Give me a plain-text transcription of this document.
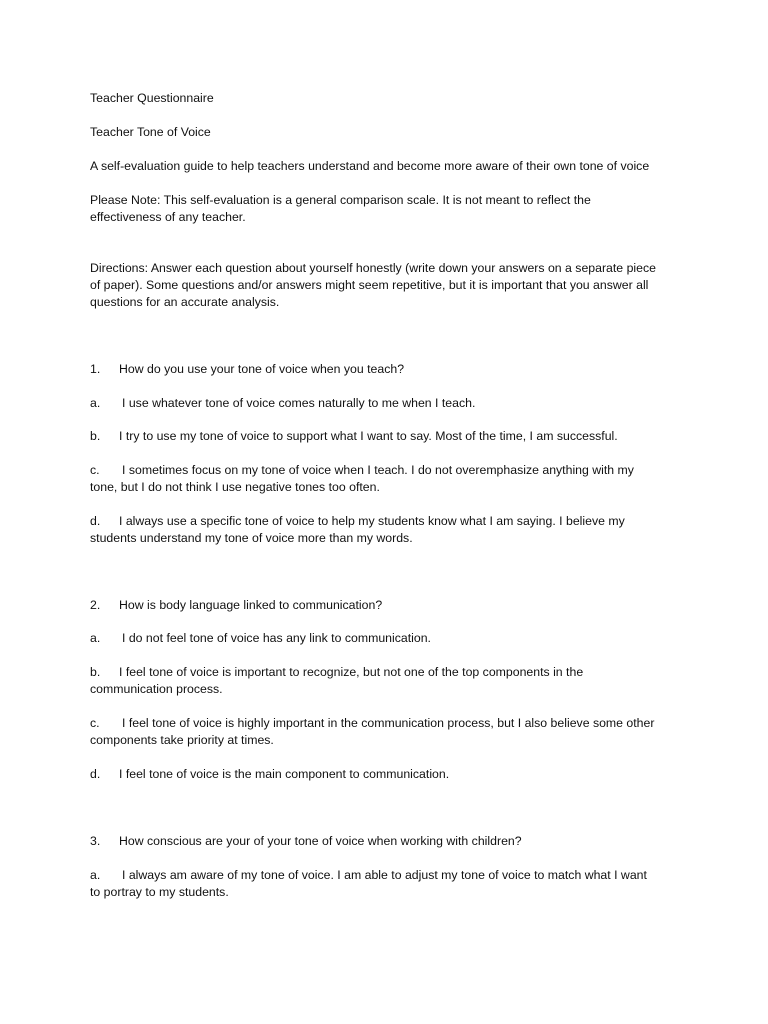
Teacher Questionnaire
Teacher Tone of Voice
A self-evaluation guide to help teachers understand and become more aware of their own tone of voice
Please Note: This self-evaluation is a general comparison scale. It is not meant to reflect the
effectiveness of any teacher.
Directions: Answer each question about yourself honestly (write down your answers on a separate piece
of paper). Some questions and/or answers might seem repetitive, but it is important that you answer all
questions for an accurate analysis.
1. How do you use your tone of voice when you teach?
a. I use whatever tone of voice comes naturally to me when I teach.
b. I try to use my tone of voice to support what I want to say. Most of the time, I am successful.
c. I sometimes focus on my tone of voice when I teach. I do not overemphasize anything with my
tone, but I do not think I use negative tones too often.
d. I always use a specific tone of voice to help my students know what I am saying. I believe my
students understand my tone of voice more than my words.
2. How is body language linked to communication?
a. I do not feel tone of voice has any link to communication.
b. I feel tone of voice is important to recognize, but not one of the top components in the
communication process.
c. I feel tone of voice is highly important in the communication process, but I also believe some other
components take priority at times.
d. I feel tone of voice is the main component to communication.
3. How conscious are your of your tone of voice when working with children?
a. I always am aware of my tone of voice. I am able to adjust my tone of voice to match what I want
to portray to my students.
